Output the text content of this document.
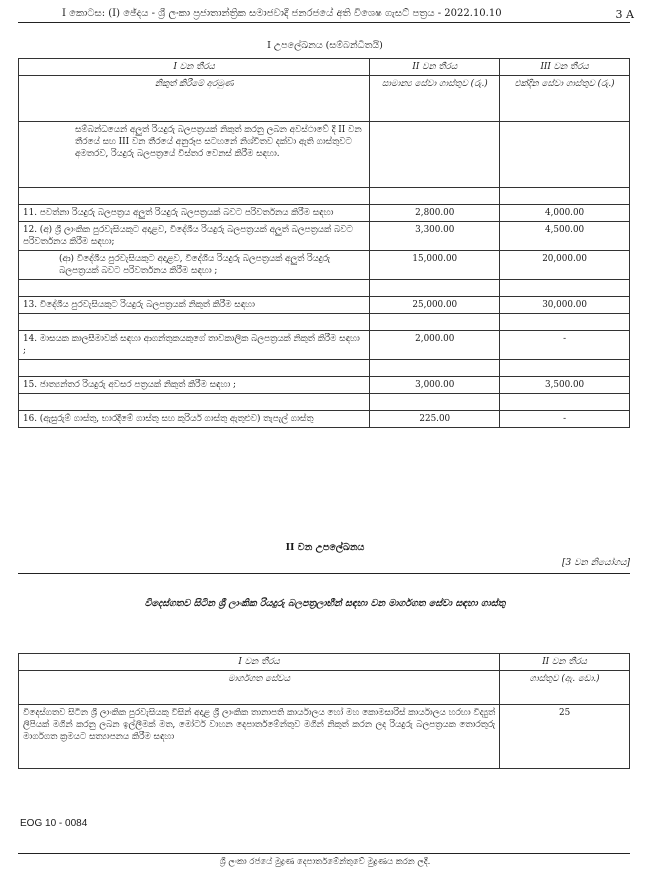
I කොටස: (I) ඡේදය - ශ්‍රී ලංකා ප්‍රජාතාන්ත්‍රික සමාජවාදී ජනරජයේ අති විශෙෂ ගැසට් පත්‍රය - 2022.10.10	3 A
I උපලේඛනය (සම්බන්ධිතයි)
I වන තීරය	II වන තීරය	III වන තීරය
නිකුත් කිරීමේ අරමුණ	සාමාන්‍ය සේවා ගාස්තුව (රු.)	එක්දින සේවා ගාස්තුව (රු.)
සම්බන්ධයෙන් අලුත් රියදුරු බලපත්‍රයක් නිකුත් කරනු ලබන අවස්ථාවේ දී II වන තීරයේ සහ III වන තීරයේ අනුරූප සටහනේ නිශ්චිතව දක්වා ඇති ගාස්තුවට අමතරව, රියදුරු බලපත්‍රයේ විස්තර වෙනස් කිරීම සඳහා.		

11. පවත්නා රියදුරු බලපත්‍රය අලුත් රියදුරු බලපත්‍රයක් බවට පරිවර්තනය කිරීම සඳහා	2,800.00	4,000.00
12. (අ) ශ්‍රී ලාංකික පුරවැසියකුට අදාළව, විදේශීය රියදුරු බලපත්‍රයක් අලුත් බලපත්‍රයක් බවට පරිවර්තනය කිරීම සඳහා;	3,300.00	4,500.00
(ආ) විදේශීය පුරවැසියකුට අදාළව, විදේශීය රියදුරු බලපත්‍රයක් අලුත් රියදුරු බලපත්‍රයක් බවට පරිවර්තනය කිරීම සඳහා ;	15,000.00	20,000.00

13. විදේශීය පුරවැසියකුට රියදුරු බලපත්‍රයක් නිකුත් කිරීම සඳහා	25,000.00	30,000.00

14. මාසයක කාලසීමාවක් සඳහා ආගන්තුකයකුගේ තාවකාලික බලපත්‍රයක් නිකුත් කිරීම සඳහා ;	2,000.00	-

15. ජාත්‍යන්තර රියදුරු අවසර පත්‍රයක් නිකුත් කිරීම සඳහා ;	3,000.00	3,500.00

16. (ඇසුරුම් ගාස්තු, භාරදීමේ ගාස්තු සහ කුරියර් ගාස්තු ඇතුළුව) තැපැල් ගාස්තු	225.00	-
II වන උපලේඛනය
[3 වන නියෝගය]
විදෙස්ගතව සිටින ශ්‍රී ලාංකික රියදුරු බලපත්‍රලාභීන් සඳහා වන මාර්ගගත සේවා සඳහා ගාස්තු
I වන තීරය	II වන තීරය
මාර්ගගත සේවය	ගාස්තුව (ඇ. ඩො.)
විදෙස්ගතව සිටින ශ්‍රී ලාංකික පුරවැසියකු විසින් අදාළ ශ්‍රී ලාංකික තානාපති කාර්යාලය හෝ මහ කොමසාරිස් කාර්යාලය හරහා විද්‍යුත් ලිපියක් මගින් කරනු ලබන ඉල්ලීමක් මත, මෝටර් වාහන දෙපාර්තමේන්තුව මගින් නිකුත් කරන ලද රියදුරු බලපත්‍රයක තොරතුරු මාර්ගගත ක්‍රමයට සත්‍යාපනය කිරීම සඳහා	25
EOG 10 - 0084
ශ්‍රී ලංකා රජයේ මුද්‍රණ දෙපාර්තමේන්තුවේ මුද්‍රණය කරන ලදී.
